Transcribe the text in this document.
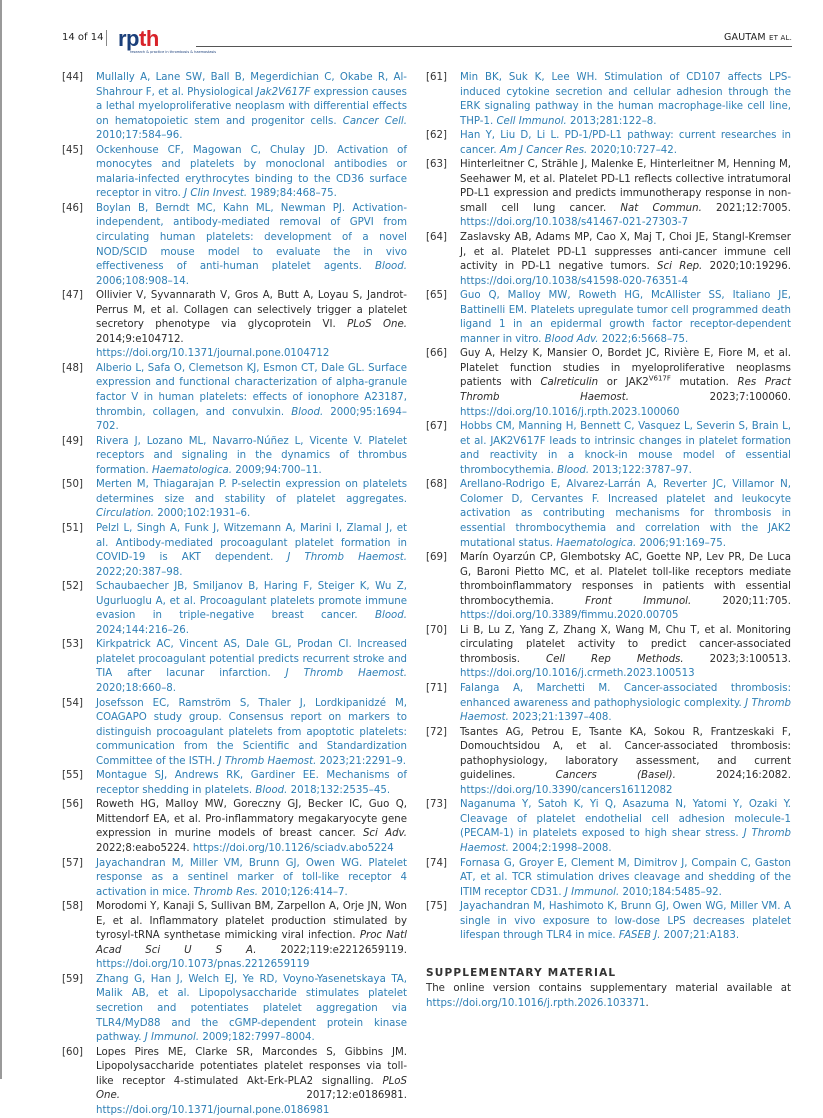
14 of 14 rpth
research & practice in thrombosis & haemostasis
GAUTAM ET AL.
[44]	Mullally A, Lane SW, Ball B, Megerdichian C, Okabe R, Al-Shahrour F, et al. Physiological Jak2V617F expression causes a lethal myeloproliferative neoplasm with differential effects on hematopoietic stem and progenitor cells. Cancer Cell. 2010;17:584–96.
[45]	Ockenhouse CF, Magowan C, Chulay JD. Activation of monocytes and platelets by monoclonal antibodies or malaria-infected erythrocytes binding to the CD36 surface receptor in vitro. J Clin Invest. 1989;84:468–75.
[46]	Boylan B, Berndt MC, Kahn ML, Newman PJ. Activation-independent, antibody-mediated removal of GPVI from circulating human platelets: development of a novel NOD/SCID mouse model to evaluate the in vivo effectiveness of anti-human platelet agents. Blood. 2006;108:908–14.
[47]	Ollivier V, Syvannarath V, Gros A, Butt A, Loyau S, Jandrot-Perrus M, et al. Collagen can selectively trigger a platelet secretory phenotype via glycoprotein VI. PLoS One. 2014;9:e104712. https://doi.org/10.1371/journal.pone.0104712
[48]	Alberio L, Safa O, Clemetson KJ, Esmon CT, Dale GL. Surface expression and functional characterization of alpha-granule factor V in human platelets: effects of ionophore A23187, thrombin, collagen, and convulxin. Blood. 2000;95:1694–702.
[49]	Rivera J, Lozano ML, Navarro-Núñez L, Vicente V. Platelet receptors and signaling in the dynamics of thrombus formation. Haematologica. 2009;94:700–11.
[50]	Merten M, Thiagarajan P. P-selectin expression on platelets determines size and stability of platelet aggregates. Circulation. 2000;102:1931–6.
[51]	Pelzl L, Singh A, Funk J, Witzemann A, Marini I, Zlamal J, et al. Antibody-mediated procoagulant platelet formation in COVID-19 is AKT dependent. J Thromb Haemost. 2022;20:387–98.
[52]	Schaubaecher JB, Smiljanov B, Haring F, Steiger K, Wu Z, Ugurluoglu A, et al. Procoagulant platelets promote immune evasion in triple-negative breast cancer. Blood. 2024;144:216–26.
[53]	Kirkpatrick AC, Vincent AS, Dale GL, Prodan CI. Increased platelet procoagulant potential predicts recurrent stroke and TIA after lacunar infarction. J Thromb Haemost. 2020;18:660–8.
[54]	Josefsson EC, Ramström S, Thaler J, Lordkipanidzé M, COAGAPO study group. Consensus report on markers to distinguish procoagulant platelets from apoptotic platelets: communication from the Scientific and Standardization Committee of the ISTH. J Thromb Haemost. 2023;21:2291–9.
[55]	Montague SJ, Andrews RK, Gardiner EE. Mechanisms of receptor shedding in platelets. Blood. 2018;132:2535–45.
[56]	Roweth HG, Malloy MW, Goreczny GJ, Becker IC, Guo Q, Mittendorf EA, et al. Pro-inflammatory megakaryocyte gene expression in murine models of breast cancer. Sci Adv. 2022;8:eabo5224. https://doi.org/10.1126/sciadv.abo5224
[57]	Jayachandran M, Miller VM, Brunn GJ, Owen WG. Platelet response as a sentinel marker of toll-like receptor 4 activation in mice. Thromb Res. 2010;126:414–7.
[58]	Morodomi Y, Kanaji S, Sullivan BM, Zarpellon A, Orje JN, Won E, et al. Inflammatory platelet production stimulated by tyrosyl-tRNA synthetase mimicking viral infection. Proc Natl Acad Sci U S A. 2022;119:e2212659119. https://doi.org/10.1073/pnas.2212659119
[59]	Zhang G, Han J, Welch EJ, Ye RD, Voyno-Yasenetskaya TA, Malik AB, et al. Lipopolysaccharide stimulates platelet secretion and potentiates platelet aggregation via TLR4/MyD88 and the cGMP-dependent protein kinase pathway. J Immunol. 2009;182:7997–8004.
[60]	Lopes Pires ME, Clarke SR, Marcondes S, Gibbins JM. Lipopolysaccharide potentiates platelet responses via toll-like receptor 4-stimulated Akt-Erk-PLA2 signalling. PLoS One. 2017;12:e0186981. https://doi.org/10.1371/journal.pone.0186981
[61]	Min BK, Suk K, Lee WH. Stimulation of CD107 affects LPS-induced cytokine secretion and cellular adhesion through the ERK signaling pathway in the human macrophage-like cell line, THP-1. Cell Immunol. 2013;281:122–8.
[62]	Han Y, Liu D, Li L. PD-1/PD-L1 pathway: current researches in cancer. Am J Cancer Res. 2020;10:727–42.
[63]	Hinterleitner C, Strähle J, Malenke E, Hinterleitner M, Henning M, Seehawer M, et al. Platelet PD-L1 reflects collective intratumoral PD-L1 expression and predicts immunotherapy response in non-small cell lung cancer. Nat Commun. 2021;12:7005. https://doi.org/10.1038/s41467-021-27303-7
[64]	Zaslavsky AB, Adams MP, Cao X, Maj T, Choi JE, Stangl-Kremser J, et al. Platelet PD-L1 suppresses anti-cancer immune cell activity in PD-L1 negative tumors. Sci Rep. 2020;10:19296. https://doi.org/10.1038/s41598-020-76351-4
[65]	Guo Q, Malloy MW, Roweth HG, McAllister SS, Italiano JE, Battinelli EM. Platelets upregulate tumor cell programmed death ligand 1 in an epidermal growth factor receptor-dependent manner in vitro. Blood Adv. 2022;6:5668–75.
[66]	Guy A, Helzy K, Mansier O, Bordet JC, Rivière E, Fiore M, et al. Platelet function studies in myeloproliferative neoplasms patients with Calreticulin or $JAK2^{V617F}$ mutation. Res Pract Thromb Haemost. 2023;7:100060. https://doi.org/10.1016/j.rpth.2023.100060
[67]	Hobbs CM, Manning H, Bennett C, Vasquez L, Severin S, Brain L, et al. JAK2V617F leads to intrinsic changes in platelet formation and reactivity in a knock-in mouse model of essential thrombocythemia. Blood. 2013;122:3787–97.
[68]	Arellano-Rodrigo E, Alvarez-Larrán A, Reverter JC, Villamor N, Colomer D, Cervantes F. Increased platelet and leukocyte activation as contributing mechanisms for thrombosis in essential thrombocythemia and correlation with the JAK2 mutational status. Haematologica. 2006;91:169–75.
[69]	Marín Oyarzún CP, Glembotsky AC, Goette NP, Lev PR, De Luca G, Baroni Pietto MC, et al. Platelet toll-like receptors mediate thromboinflammatory responses in patients with essential thrombocythemia. Front Immunol. 2020;11:705. https://doi.org/10.3389/fimmu.2020.00705
[70]	Li B, Lu Z, Yang Z, Zhang X, Wang M, Chu T, et al. Monitoring circulating platelet activity to predict cancer-associated thrombosis. Cell Rep Methods. 2023;3:100513. https://doi.org/10.1016/j.crmeth.2023.100513
[71]	Falanga A, Marchetti M. Cancer-associated thrombosis: enhanced awareness and pathophysiologic complexity. J Thromb Haemost. 2023;21:1397–408.
[72]	Tsantes AG, Petrou E, Tsante KA, Sokou R, Frantzeskaki F, Domouchtsidou A, et al. Cancer-associated thrombosis: pathophysiology, laboratory assessment, and current guidelines. Cancers (Basel). 2024;16:2082. https://doi.org/10.3390/cancers16112082
[73]	Naganuma Y, Satoh K, Yi Q, Asazuma N, Yatomi Y, Ozaki Y. Cleavage of platelet endothelial cell adhesion molecule-1 (PECAM-1) in platelets exposed to high shear stress. J Thromb Haemost. 2004;2:1998–2008.
[74]	Fornasa G, Groyer E, Clement M, Dimitrov J, Compain C, Gaston AT, et al. TCR stimulation drives cleavage and shedding of the ITIM receptor CD31. J Immunol. 2010;184:5485–92.
[75]	Jayachandran M, Hashimoto K, Brunn GJ, Owen WG, Miller VM. A single in vivo exposure to low-dose LPS decreases platelet lifespan through TLR4 in mice. FASEB J. 2007;21:A183.
SUPPLEMENTARY MATERIAL
The online version contains supplementary material available at https://doi.org/10.1016/j.rpth.2026.103371.
